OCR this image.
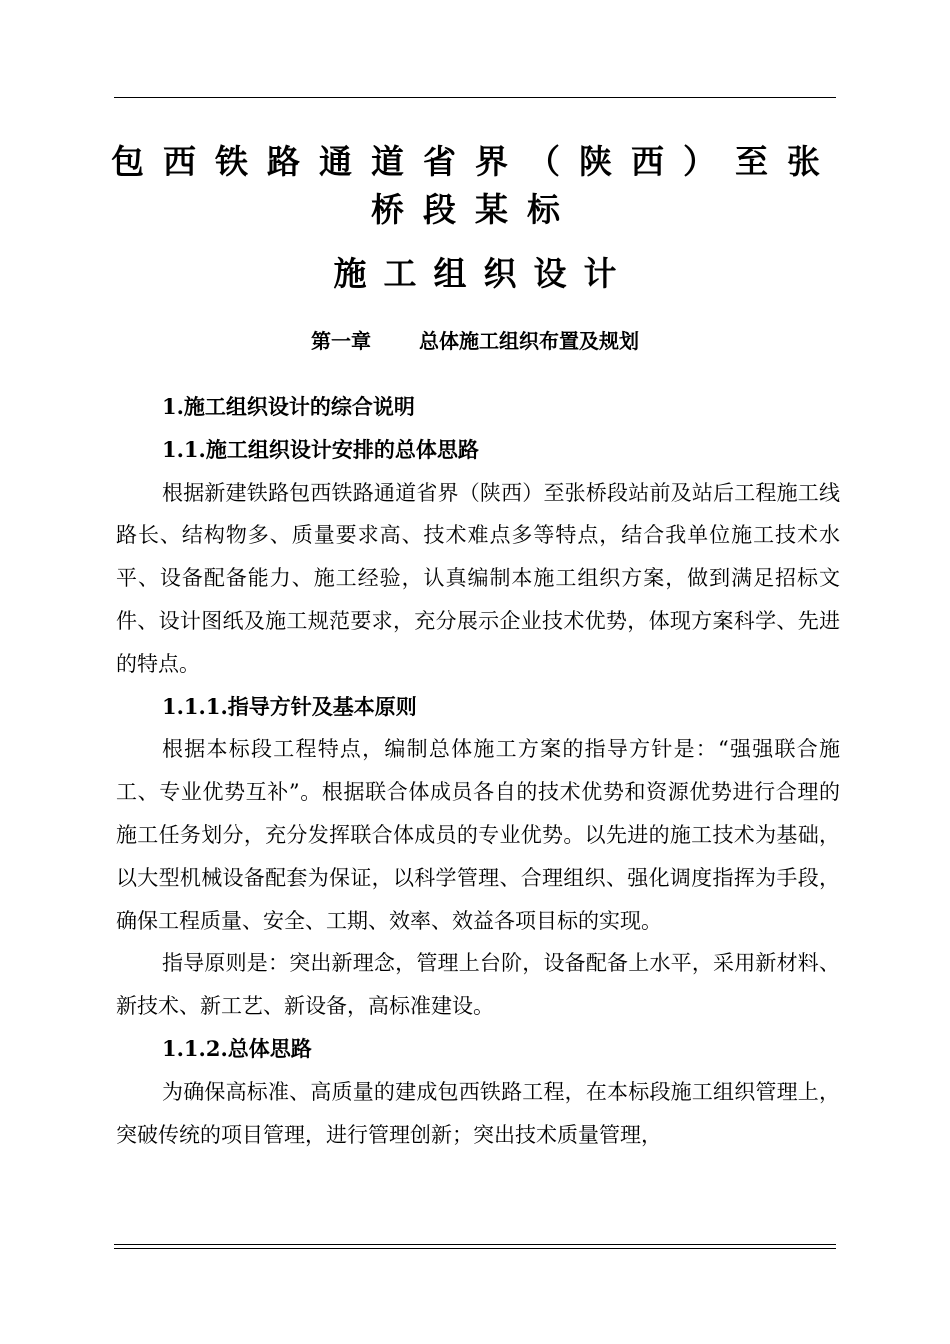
包西铁路通道省界（陕西）至张桥段某标
施工组织设计
第一章 总体施工组织布置及规划
1.施工组织设计的综合说明
1.1.施工组织设计安排的总体思路

根据新建铁路包西铁路通道省界（陕西）至张桥段站前及站后工程施工线路长、结构物多、质量要求高、技术难点多等特点，结合我单位施工技术水平、设备配备能力、施工经验，认真编制本施工组织方案，做到满足招标文件、设计图纸及施工规范要求，充分展示企业技术优势，体现方案科学、先进的特点。

1.1.1.指导方针及基本原则

根据本标段工程特点，编制总体施工方案的指导方针是：“强强联合施工、专业优势互补”。根据联合体成员各自的技术优势和资源优势进行合理的施工任务划分，充分发挥联合体成员的专业优势。以先进的施工技术为基础，以大型机械设备配套为保证，以科学管理、合理组织、强化调度指挥为手段，确保工程质量、安全、工期、效率、效益各项目标的实现。

指导原则是：突出新理念，管理上台阶，设备配备上水平，采用新材料、新技术、新工艺、新设备，高标准建设。

1.1.2.总体思路

为确保高标准、高质量的建成包西铁路工程，在本标段施工组织管理上，突破传统的项目管理，进行管理创新；突出技术质量管理，
